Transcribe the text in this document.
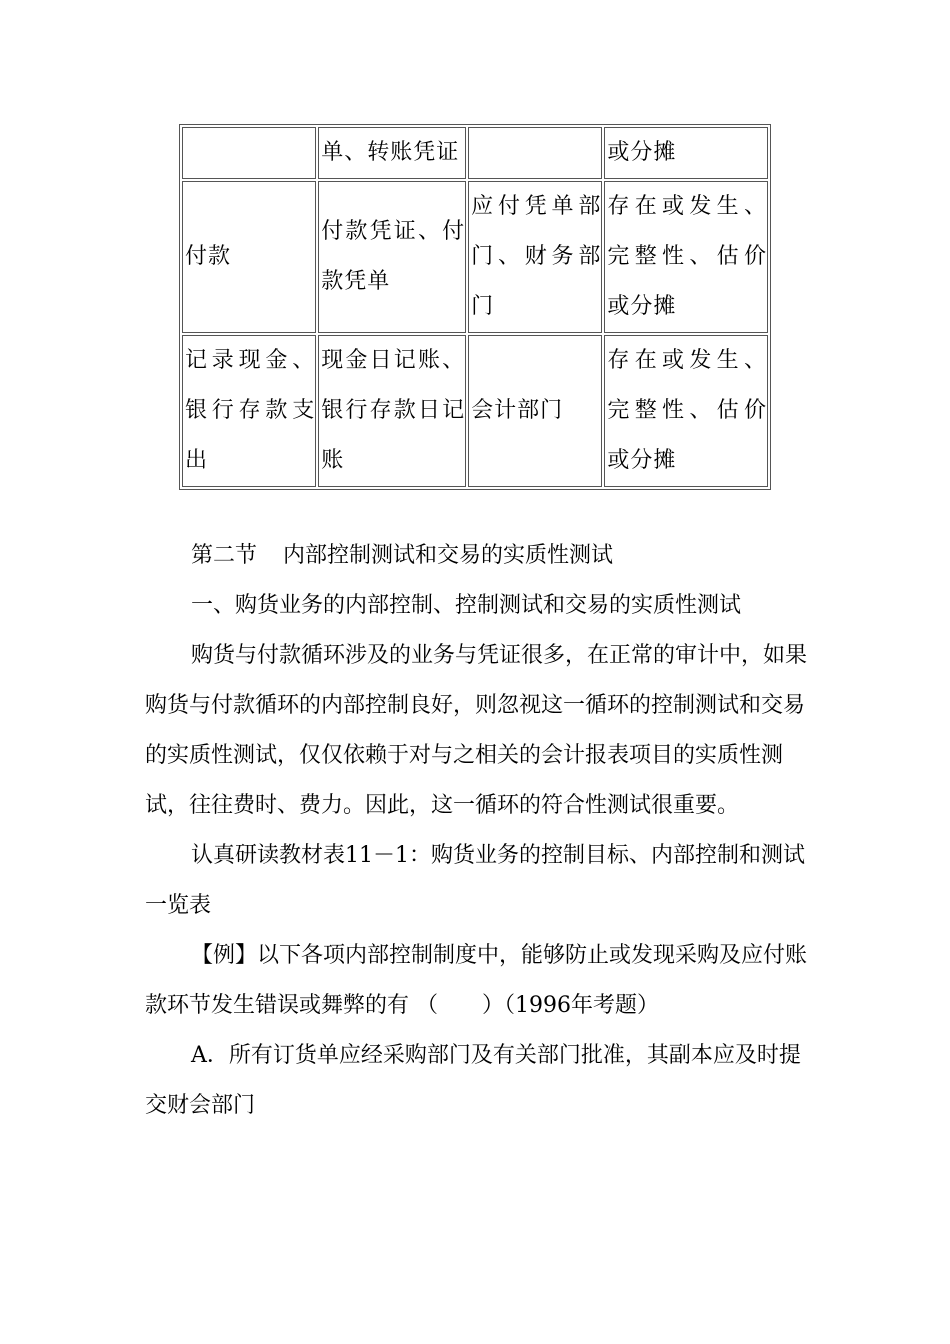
	单、转账凭证		或分摊
付款	付款凭证、付款凭单	应付凭单部门、财务部门	存在或发生、完整性、估价或分摊
记录现金、银行存款支出	现金日记账、银行存款日记账	会计部门	存在或发生、完整性、估价或分摊

第二节 内部控制测试和交易的实质性测试

一、购货业务的内部控制、控制测试和交易的实质性测试

购货与付款循环涉及的业务与凭证很多，在正常的审计中，如果购货与付款循环的内部控制良好，则忽视这一循环的控制测试和交易的实质性测试，仅仅依赖于对与之相关的会计报表项目的实质性测试，往往费时、费力。因此，这一循环的符合性测试很重要。

认真研读教材表11－1：购货业务的控制目标、内部控制和测试一览表

【例】以下各项内部控制制度中，能够防止或发现采购及应付账款环节发生错误或舞弊的有 （　　）（1996年考题）

A．所有订货单应经采购部门及有关部门批准，其副本应及时提交财会部门
